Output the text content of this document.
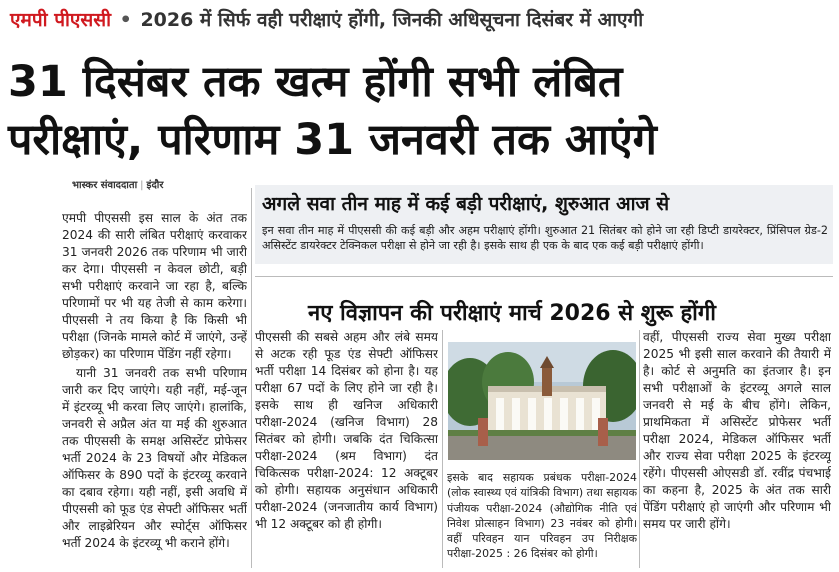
एमपी पीएससी • 2026 में सिर्फ वही परीक्षाएं होंगी, जिनकी अधिसूचना दिसंबर में आएगी
31 दिसंबर तक खत्म होंगी सभी लंबित
परीक्षाएं, परिणाम 31 जनवरी तक आएंगे
भास्कर संवाददाता | इंदौर

एमपी पीएससी इस साल के अंत तक 2024 की सारी लंबित परीक्षाएं करवाकर 31 जनवरी 2026 तक परिणाम भी जारी कर देगा। पीएससी न केवल छोटी, बड़ी सभी परीक्षाएं करवाने जा रहा है, बल्कि परिणामों पर भी यह तेजी से काम करेगा। पीएससी ने तय किया है कि किसी भी परीक्षा (जिनके मामले कोर्ट में जाएंगे, उन्हें छोड़कर) का परिणाम पेंडिंग नहीं रहेगा।

यानी 31 जनवरी तक सभी परिणाम जारी कर दिए जाएंगे। यही नहीं, मई-जून में इंटरव्यू भी करवा लिए जाएंगे। हालांकि, जनवरी से अप्रैल अंत या मई की शुरुआत तक पीएससी के समक्ष असिस्टेंट प्रोफेसर भर्ती 2024 के 23 विषयों और मेडिकल ऑफिसर के 890 पदों के इंटरव्यू करवाने का दबाव रहेगा। यही नहीं, इसी अवधि में पीएससी को फूड एंड सेफ्टी ऑफिसर भर्ती और लाइब्रेरियन और स्पोर्ट्स ऑफिसर भर्ती 2024 के इंटरव्यू भी कराने होंगे।

अगले सवा तीन माह में कई बड़ी परीक्षाएं, शुरुआत आज से
इन सवा तीन माह में पीएससी की कई बड़ी और अहम परीक्षाएं होंगी। शुरुआत 21 सितंबर को होने जा रही डिप्टी डायरेक्टर, प्रिंसिपल ग्रेड-2 असिस्टेंट डायरेक्टर टेक्निकल परीक्षा से होने जा रही है। इसके साथ ही एक के बाद एक कई बड़ी परीक्षाएं होंगी।
नए विज्ञापन की परीक्षाएं मार्च 2026 से शुरू होंगी

पीएससी की सबसे अहम और लंबे समय से अटक रही फूड एंड सेफ्टी ऑफिसर भर्ती परीक्षा 14 दिसंबर को होना है। यह परीक्षा 67 पदों के लिए होने जा रही है। इसके साथ ही खनिज अधिकारी परीक्षा-2024 (खनिज विभाग) 28 सितंबर को होगी। जबकि दंत चिकित्सा परीक्षा-2024 (श्रम विभाग) दंत चिकित्सक परीक्षा-2024: 12 अक्टूबर को होगी। सहायक अनुसंधान अधिकारी परीक्षा-2024 (जनजातीय कार्य विभाग) भी 12 अक्टूबर को ही होगी।

इसके बाद सहायक प्रबंधक परीक्षा-2024 (लोक स्वास्थ्य एवं यांत्रिकी विभाग) तथा सहायक पंजीयक परीक्षा-2024 (औद्योगिक नीति एवं निवेश प्रोत्साहन विभाग) 23 नवंबर को होगी। वहीं परिवहन यान परिवहन उप निरीक्षक परीक्षा-2025 : 26 दिसंबर को होगी।

वहीं, पीएससी राज्य सेवा मुख्य परीक्षा 2025 भी इसी साल करवाने की तैयारी में है। कोर्ट से अनुमति का इंतजार है। इन सभी परीक्षाओं के इंटरव्यू अगले साल जनवरी से मई के बीच होंगे। लेकिन, प्राथमिकता में असिस्टेंट प्रोफेसर भर्ती परीक्षा 2024, मेडिकल ऑफिसर भर्ती और राज्य सेवा परीक्षा 2025 के इंटरव्यू रहेंगे। पीएससी ओएसडी डॉ. रवींद्र पंचभाई का कहना है, 2025 के अंत तक सारी पेंडिंग परीक्षाएं हो जाएंगी और परिणाम भी समय पर जारी होंगे।
